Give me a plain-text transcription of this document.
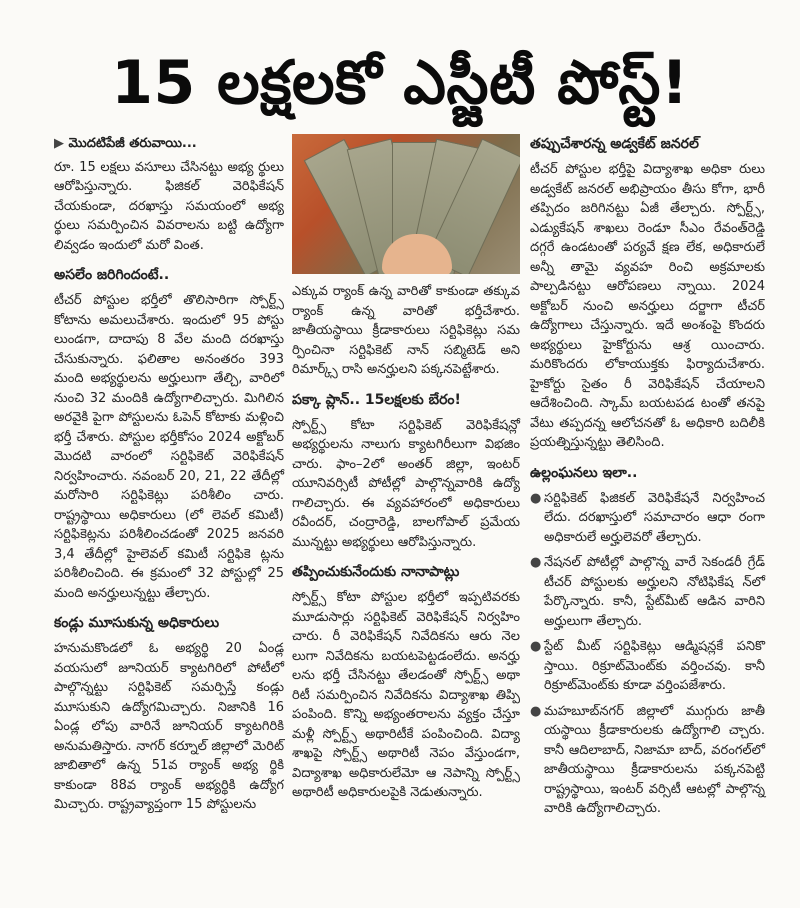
15 లక్షలకో ఎస్జీటీ పోస్ట్!
▶ మొదటిపేజీ తరువాయి...

రూ. 15 లక్షలు వసూలు చేసినట్టు అభ్య ర్థులు ఆరోపిస్తున్నారు. ఫిజికల్ వెరిఫికేషన్ చేయకుండా, దరఖాస్తు సమయంలో అభ్య ర్థులు సమర్పించిన వివరాలను బట్టి ఉద్యోగా లివ్వడం ఇందులో మరో వింత.

అసలేం జరిగిందంటే..

టీచర్ పోస్టుల భర్తీలో తొలిసారిగా స్పోర్ట్స్ కోటాను అమలుచేశారు. ఇందులో 95 పోస్టు లుండగా, దాదాపు 8 వేల మంది దరఖాస్తు చేసుకున్నారు. ఫలితాల అనంతరం 393 మంది అభ్యర్థులను అర్హులుగా తేల్చి, వారిలో నుంచి 32 మందికి ఉద్యోగాలిచ్చారు. మిగిలిన అరవైకి పైగా పోస్టులను ఓపెన్ కోటాకు మళ్లించి భర్తీ చేశారు. పోస్టుల భర్తీకోసం 2024 అక్టోబర్ మొదటి వారంలో సర్టిఫికెట్ వెరిఫికేషన్ నిర్వహించారు. నవంబర్ 20, 21, 22 తేదీల్లో మరోసారి సర్టిఫికెట్లు పరిశీలిం చారు. రాష్ట్రస్థాయి అధికారులు (లో లెవల్ కమిటీ) సర్టిఫికెట్లను పరిశీలించడంతో 2025 జనవరి 3,4 తేదీల్లో హైలెవల్ కమిటీ సర్టిఫికె ట్లను పరిశీలించింది. ఈ క్రమంలో 32 పోస్టుల్లో 25 మంది అనర్హులున్నట్టు తేల్చారు.

కండ్లు మూసుకున్న అధికారులు

హనుమకొండలో ఓ అభ్యర్థి 20 ఏండ్ల వయసులో జూనియర్ క్యాటగిరిలో పోటీలో పాల్గొన్నట్టు సర్టిఫికెట్ సమర్పిస్తే కండ్లు మూసుకుని ఉద్యోగమిచ్చారు. నిజానికి 16 ఏండ్ల లోపు వారినే జూనియర్ క్యాటగిరికి అనుమతిస్తారు. నాగర్ కర్నూల్ జిల్లాలో మెరిట్ జాబితాలో ఉన్న 51వ ర్యాంక్ అభ్య ర్థికి కాకుండా 88వ ర్యాంక్ అభ్యర్థికి ఉద్యోగ మిచ్చారు. రాష్ట్రవ్యాప్తంగా 15 పోస్టులను

ఎక్కువ ర్యాంక్ ఉన్న వారితో కాకుండా తక్కువ ర్యాంక్ ఉన్న వారితో భర్తీచేశారు. జాతీయస్థాయి క్రీడాకారులు సర్టిఫికెట్లు సమ ర్పించినా సర్టిఫికెట్ నాన్ సబ్మిటెడ్ అని రిమార్క్స్ రాసి అనర్హులని పక్కనపెట్టేశారు.

పక్కా ప్లాన్.. 15లక్షలకు బేరం!

స్పోర్ట్స్ కోటా సర్టిఫికెట్ వెరిఫికేషన్లో అభ్యర్థులను నాలుగు క్యాటగిరీలుగా విభజిం చారు. ఫాం–2లో అంతర్ జిల్లా, ఇంటర్ యూనివర్సిటీ పోటీల్లో పాల్గొన్నవారికి ఉద్యో గాలిచ్చారు. ఈ వ్యవహారంలో అధికారులు రవీందర్, చంద్రారెడ్డి, బాలగోపాల్ ప్రమేయ మున్నట్టు అభ్యర్థులు ఆరోపిస్తున్నారు.

తప్పించుకునేందుకు నానాపాట్లు

స్పోర్ట్స్ కోటా పోస్టుల భర్తీలో ఇప్పటివరకు మూడుసార్లు సర్టిఫికెట్ వెరిఫికేషన్ నిర్వహిం చారు. రీ వెరిఫికేషన్ నివేదికను ఆరు నెల లుగా నివేదికను బయటపెట్టడంలేదు. అనర్హు లను భర్తీ చేసినట్టు తేలడంతో స్పోర్ట్స్ అథా రిటీ సమర్పించిన నివేదికను విద్యాశాఖ తిప్పి పంపింది. కొన్ని అభ్యంతరాలను వ్యక్తం చేస్తూ మళ్లీ స్పోర్ట్స్ అథారిటీకే పంపించింది. విద్యా శాఖపై స్పోర్ట్స్ అథారిటీ నెపం వేస్తుండగా, విద్యాశాఖ అధికారులేమో ఆ నెపాన్ని స్పోర్ట్స్ అథారిటీ అధికారులపైకి నెడుతున్నారు.

తప్పుచేశారన్న అడ్వకేట్ జనరల్

టీచర్ పోస్టుల భర్తీపై విద్యాశాఖ అధికా రులు అడ్వకేట్ జనరల్ అభిప్రాయం తీసు కోగా, భారీ తప్పిదం జరిగినట్టు ఏజీ తేల్చారు. స్పోర్ట్స్, ఎడ్యుకేషన్ శాఖలు రెండూ సీఎం రేవంత్‌రెడ్డి దగ్గరే ఉండటంతో పర్యవే క్షణ లేక, అధికారులే అన్నీ తామై వ్యవహ రించి అక్రమాలకు పాల్పడినట్టు ఆరోపణలు న్నాయి. 2024 అక్టోబర్ నుంచి అనర్హులు దర్జాగా టీచర్ ఉద్యోగాలు చేస్తున్నారు. ఇదే అంశంపై కొందరు అభ్యర్థులు హైకోర్టును ఆశ్ర యించారు. మరికొందరు లోకాయుక్తకు ఫిర్యాదుచేశారు. హైకోర్టు సైతం రీ వెరిఫికేషన్ చేయాలని ఆదేశించింది. స్కామ్ బయటపడ టంతో తనపై వేటు తప్పదన్న ఆలోచనతో ఓ అధికారి బదిలీకి ప్రయత్నిస్తున్నట్టు తెలిసింది.

ఉల్లంఘనలు ఇలా..
● సర్టిఫికెట్ ఫిజికల్ వెరిఫికేషనే నిర్వహించ లేదు. దరఖాస్తులో సమాచారం ఆధా రంగా అధికారులే అర్హులెవరో తేల్చారు.
● నేషనల్ పోటీల్లో పాల్గొన్న వారే సెకండరీ గ్రేడ్ టీచర్ పోస్టులకు అర్హులని నోటిఫికేష న్‌లో పేర్కొన్నారు. కానీ, స్టేట్‌మీట్ ఆడిన వారిని అర్హులుగా తేల్చారు.
● స్టేట్ మీట్ సర్టిఫికెట్లు ఆడ్మిషన్లకే పనికొ స్తాయి. రిక్రూట్‌మెంట్‌కు వర్తించవు. కానీ రిక్రూట్‌మెంట్‌కు కూడా వర్తింపజేశారు.
● మహబూబ్‌నగర్ జిల్లాలో ముగ్గురు జాతీ యస్థాయి క్రీడాకారులకు ఉద్యోగాలి చ్చారు. కానీ ఆదిలాబాద్, నిజామా బాద్, వరంగల్‌లో జాతీయస్థాయి క్రీడాకారులను పక్కనపెట్టి రాష్ట్రస్థాయి, ఇంటర్ వర్సిటీ ఆటల్లో పాల్గొన్న వారికి ఉద్యోగాలిచ్చారు.
